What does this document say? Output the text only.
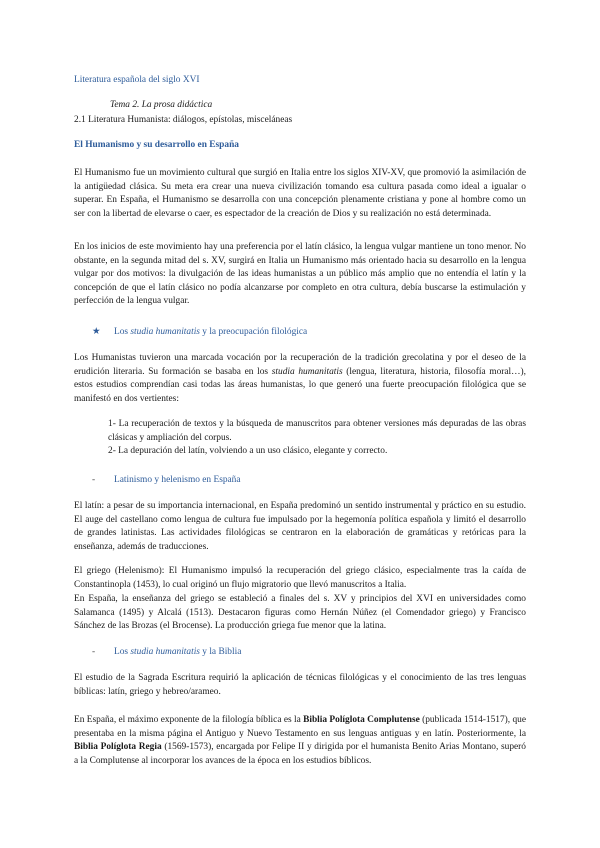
Literatura española del siglo XVI

Tema 2. La prosa didáctica

2.1 Literatura Humanista: diálogos, epístolas, misceláneas

El Humanismo y su desarrollo en España

El Humanismo fue un movimiento cultural que surgió en Italia entre los siglos XIV-XV, que promovió la asimilación de la antigüedad clásica. Su meta era crear una nueva civilización tomando esa cultura pasada como ideal a igualar o superar. En España, el Humanismo se desarrolla con una concepción plenamente cristiana y pone al hombre como un ser con la libertad de elevarse o caer, es espectador de la creación de Dios y su realización no está determinada.

En los inicios de este movimiento hay una preferencia por el latín clásico, la lengua vulgar mantiene un tono menor. No obstante, en la segunda mitad del s. XV, surgirá en Italia un Humanismo más orientado hacia su desarrollo en la lengua vulgar por dos motivos: la divulgación de las ideas humanistas a un público más amplio que no entendía el latín y la concepción de que el latín clásico no podía alcanzarse por completo en otra cultura, debía buscarse la estimulación y perfección de la lengua vulgar.

★ Los studia humanitatis y la preocupación filológica

Los Humanistas tuvieron una marcada vocación por la recuperación de la tradición grecolatina y por el deseo de la erudición literaria. Su formación se basaba en los studia humanitatis (lengua, literatura, historia, filosofía moral…), estos estudios comprendían casi todas las áreas humanistas, lo que generó una fuerte preocupación filológica que se manifestó en dos vertientes:

1- La recuperación de textos y la búsqueda de manuscritos para obtener versiones más depuradas de las obras clásicas y ampliación del corpus.

2- La depuración del latín, volviendo a un uso clásico, elegante y correcto.

- Latinismo y helenismo en España

El latín: a pesar de su importancia internacional, en España predominó un sentido instrumental y práctico en su estudio. El auge del castellano como lengua de cultura fue impulsado por la hegemonía política española y limitó el desarrollo de grandes latinistas. Las actividades filológicas se centraron en la elaboración de gramáticas y retóricas para la enseñanza, además de traducciones.

El griego (Helenismo): El Humanismo impulsó la recuperación del griego clásico, especialmente tras la caída de Constantinopla (1453), lo cual originó un flujo migratorio que llevó manuscritos a Italia.

En España, la enseñanza del griego se estableció a finales del s. XV y principios del XVI en universidades como Salamanca (1495) y Alcalá (1513). Destacaron figuras como Hernán Núñez (el Comendador griego) y Francisco Sánchez de las Brozas (el Brocense). La producción griega fue menor que la latina.

- Los studia humanitatis y la Biblia

El estudio de la Sagrada Escritura requirió la aplicación de técnicas filológicas y el conocimiento de las tres lenguas bíblicas: latín, griego y hebreo/arameo.

En España, el máximo exponente de la filología bíblica es la Biblia Políglota Complutense (publicada 1514-1517), que presentaba en la misma página el Antiguo y Nuevo Testamento en sus lenguas antiguas y en latín. Posteriormente, la Biblia Políglota Regia (1569-1573), encargada por Felipe II y dirigida por el humanista Benito Arias Montano, superó a la Complutense al incorporar los avances de la época en los estudios bíblicos.
